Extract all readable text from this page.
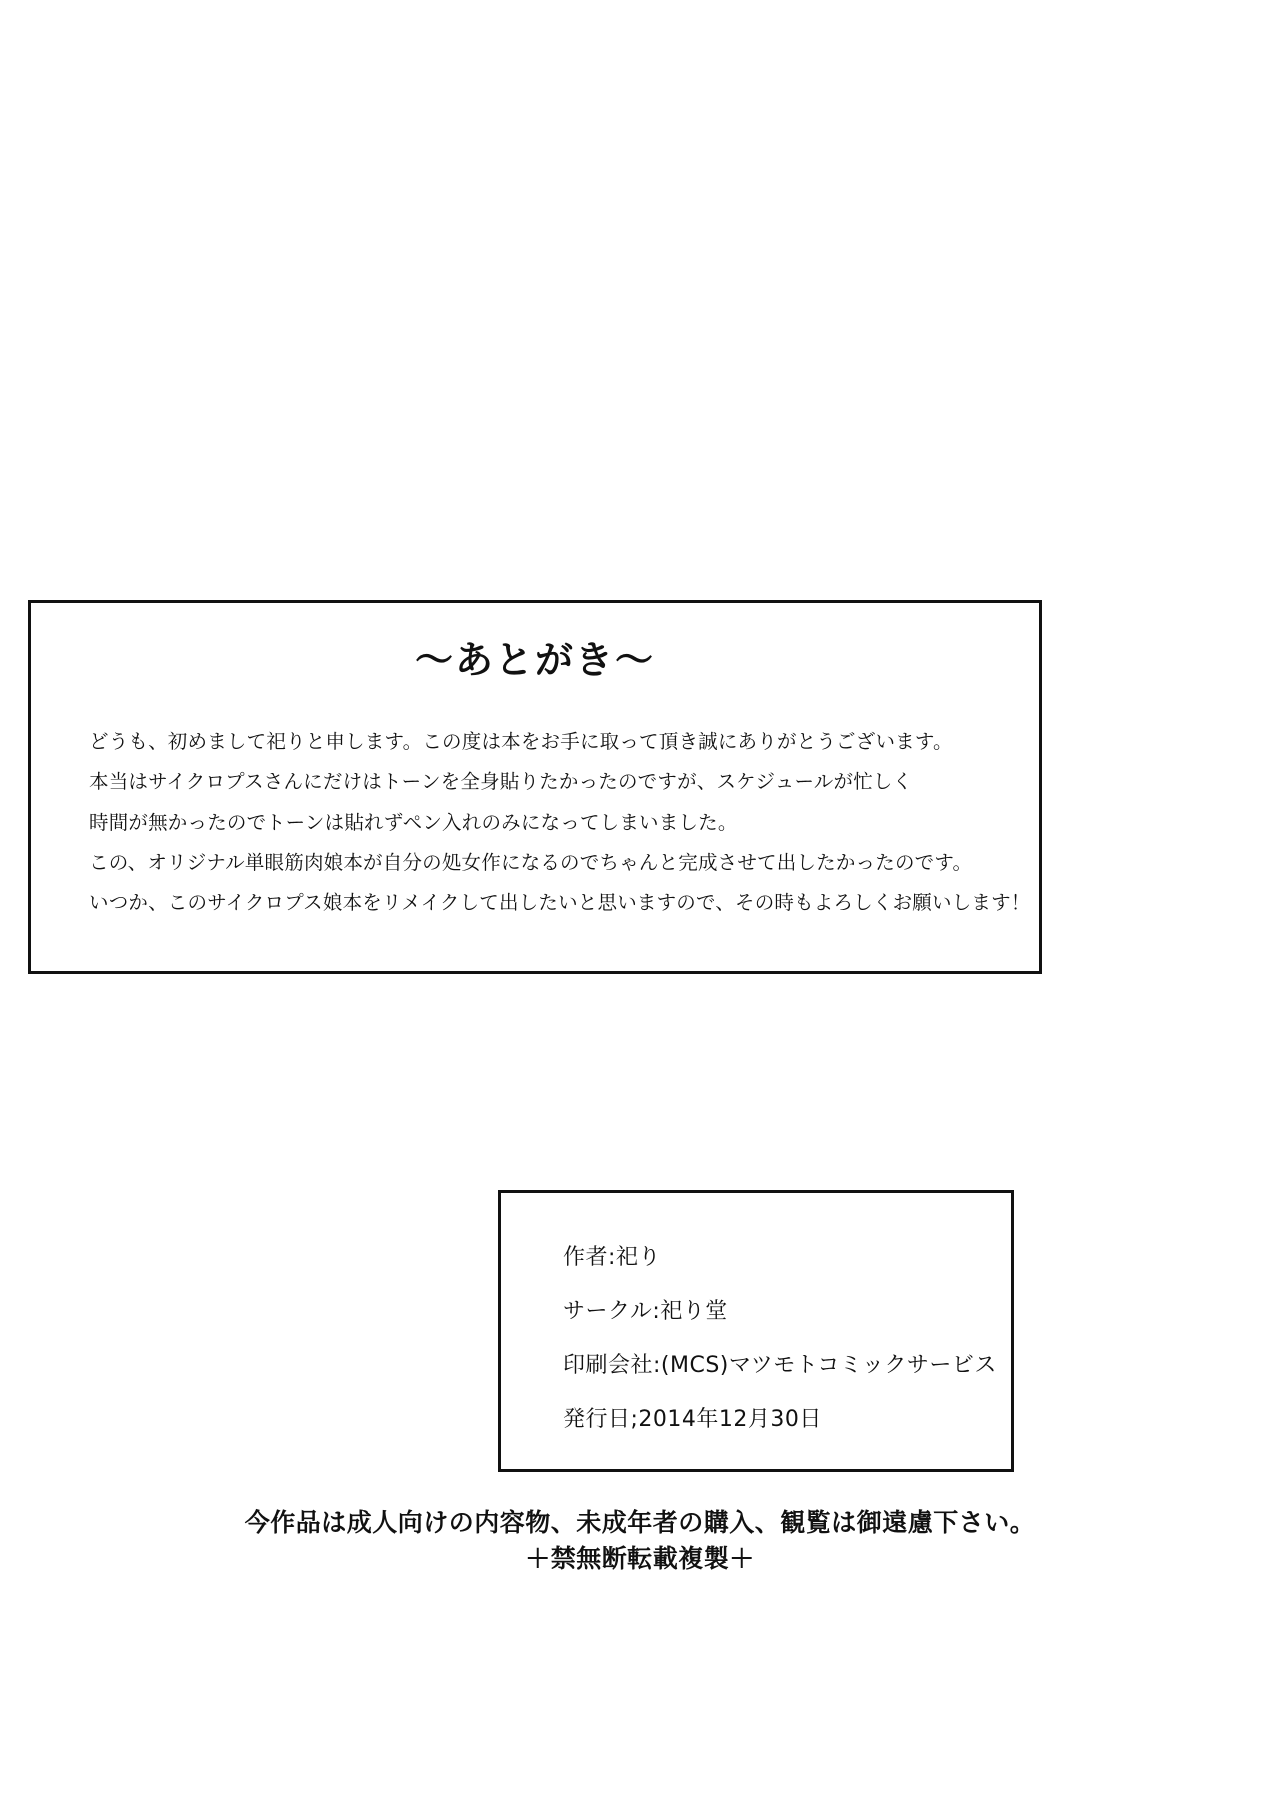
～あとがき～
どうも、初めまして祀りと申します。この度は本をお手に取って頂き誠にありがとうございます。
本当はサイクロプスさんにだけはトーンを全身貼りたかったのですが、スケジュールが忙しく
時間が無かったのでトーンは貼れずペン入れのみになってしまいました。
この、オリジナル単眼筋肉娘本が自分の処女作になるのでちゃんと完成させて出したかったのです。
いつか、このサイクロプス娘本をリメイクして出したいと思いますので、その時もよろしくお願いします！
作者:祀り
サークル:祀り堂
印刷会社:(MCS)マツモトコミックサービス
発行日;2014年12月30日
今作品は成人向けの内容物、未成年者の購入、観覧は御遠慮下さい。
＋禁無断転載複製＋
